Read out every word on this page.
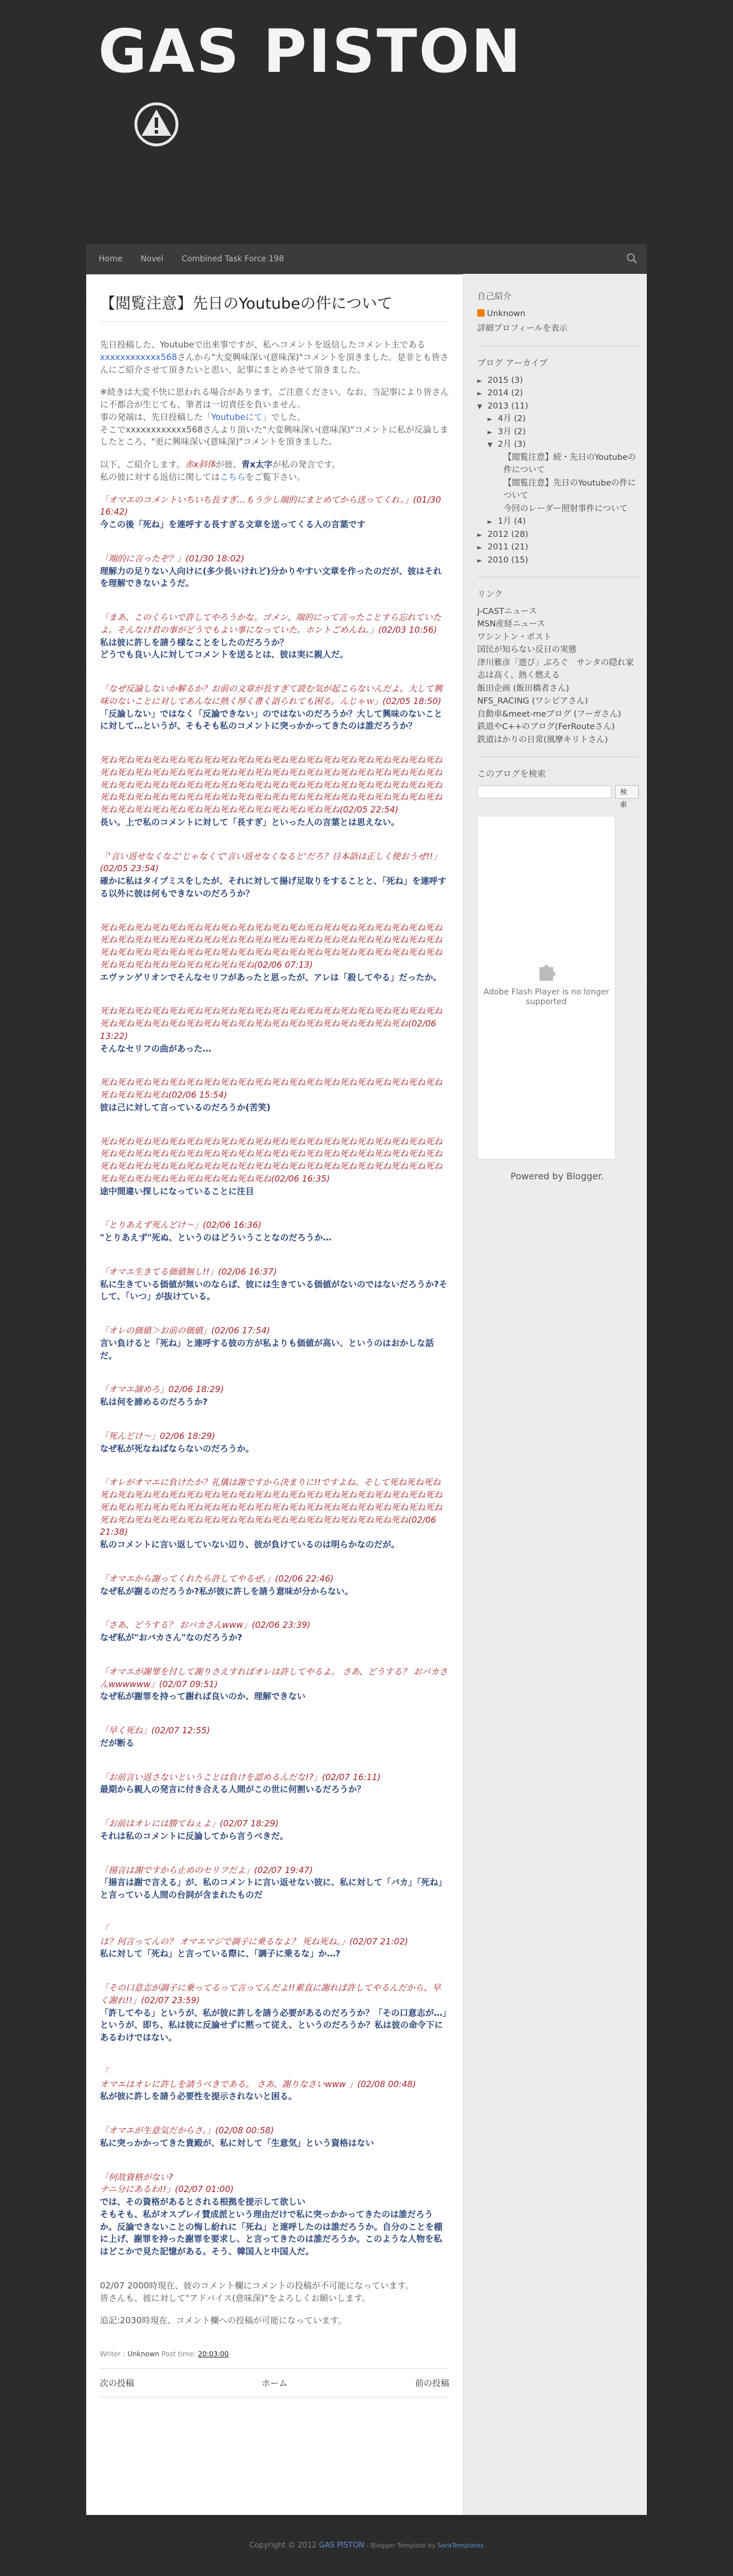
GAS PISTON
Home Novel Combined Task Force 198
【閲覧注意】先日のYoutubeの件について

先日投稿した、Youtubeで出来事ですが、私へコメントを返信したコメント主であるxxxxxxxxxxxx568さんから"大変興味深い(意味深)"コメントを頂きました。是非とも皆さんにご紹介させて頂きたいと思い、記事にまとめさせて頂きました。

※続きは大変不快に思われる場合があります。ご注意ください。なお、当記事により皆さんに不都合が生じても、筆者は一切責任を負いません。
事の発端は、先日投稿した「Youtubeにて」でした。
そこでxxxxxxxxxxxx568さんより頂いた"大変興味深い(意味深)"コメントに私が反論しましたところ、"更に興味深い(意味深)"コメントを頂きました。

以下、ご紹介します。赤ⅹ斜体が彼、青ⅹ太字が私の発言です。
私の彼に対する返信に関してはこちらをご覧下さい。

「オマエのコメントいちいち長すぎ…もう少し端的にまとめてから送ってくれ。」(01/30 16:42)

今この後「死ね」を連呼する長すぎる文章を送ってくる人の言葉です

「端的に言ったぞ？」(01/30 18:02)

理解力の足りない人向けに(多少長いけれど)分かりやすい文章を作ったのだが、彼はそれを理解できないようだ。

「まあ、このくらいで許してやろうかな。ゴメン、端的にって言ったことすら忘れていたよ。そんなけ君の事がどうでもよい事になっていた。ホントごめんね。」(02/03 10:56)

私は彼に許しを請う様なことをしたのだろうか？
どうでも良い人に対してコメントを送るとは、彼は実に親人だ。

「なぜ反論しないか解るか？お前の文章が長すぎて読む気が起こらないんだよ。大して興味のないことに対してあんなに熱く厚く書く語られても困る。んじゃｗ」(02/05 18:50)

「反論しない」ではなく「反論できない」のではないのだろうか？大して興味のないことに対して…というが、そもそも私のコメントに突っかかってきたのは誰だろうか？

死ね死ね死ね死ね死ね死ね死ね死ね死ね死ね死ね死ね死ね死ね死ね死ね死ね死ね死ね死ね死ね死ね死ね死ね死ね死ね死ね死ね死ね死ね死ね死ね死ね死ね死ね死ね死ね死ね死ね死ね死ね死ね死ね死ね死ね死ね死ね死ね死ね死ね死ね死ね死ね死ね死ね死ね死ね死ね死ね死ね死ね死ね死ね死ね死ね死ね死ね死ね死ね死ね死ね死ね死ね死ね死ね死ね死ね死ね死ね死ね死ね死ね死ね死ね死ね死ね死ね死ね死ね死ね死ね死ね死ね死ね(02/05 22:54)

長い。上で私のコメントに対して「長すぎ」といった人の言葉とは思えない。

「'言い返せなくなこ'じゃなくて'言い返せなくなると'だろ？日本語は正しく使おうぜ!!」(02/05 23:54)

確かに私はタイプミスをしたが、それに対して揚げ足取りをすることと、「死ね」を連呼する以外に彼は何もできないのだろうか？

死ね死ね死ね死ね死ね死ね死ね死ね死ね死ね死ね死ね死ね死ね死ね死ね死ね死ね死ね死ね死ね死ね死ね死ね死ね死ね死ね死ね死ね死ね死ね死ね死ね死ね死ね死ね死ね死ね死ね死ね死ね死ね死ね死ね死ね死ね死ね死ね死ね死ね死ね死ね死ね死ね死ね死ね死ね死ね死ね死ね死ね死ね死ね死ね死ね死ね死ね死ね死ね(02/06 07:13)

エヴァンゲリオンでそんなセリフがあったと思ったが、アレは「殺してやる」だったか。

死ね死ね死ね死ね死ね死ね死ね死ね死ね死ね死ね死ね死ね死ね死ね死ね死ね死ね死ね死ね死ね死ね死ね死ね死ね死ね死ね死ね死ね死ね死ね死ね死ね死ね死ね死ね死ね死ね(02/06 13:22)

そんなセリフの曲があった…

死ね死ね死ね死ね死ね死ね死ね死ね死ね死ね死ね死ね死ね死ね死ね死ね死ね死ね死ね死ね死ね死ね死ね死ね(02/06 15:54)

彼は己に対して言っているのだろうか(苦笑)

死ね死ね死ね死ね死ね死ね死ね死ね死ね死ね死ね死ね死ね死ね死ね死ね死ね死ね死ね死ね死ね死ね死ね死ね死ね死ね死ね死ね死ね死ね死ね死ね死ね死ね死ね死ね死ね死ね死ね死ね死ね死ね死ね死ね死ね死ね死ね死ね死ね死ね死ね死ね死ね死ね死ね死ね死ね死ね死ね死ね死ね死ね死ね死ね死ね死ね死ね死ね死ね死ね(02/06 16:35)

途中間違い探しになっていることに注目

「とりあえず死んどけ〜」(02/06 16:36)

"とりあえず"死ぬ、というのはどういうことなのだろうか…

「オマエ生きてる価値無し!!」(02/06 16:37)

私に生きている価値が無いのならば、彼には生きている価値がないのではないだろうか?そして、「いつ」が抜けている。

「オレの価値＞お前の価値」(02/06 17:54)

言い負けると「死ね」と連呼する彼の方が私よりも価値が高い、というのはおかしな話だ。

「オマエ諦めろ」02/06 18:29)

私は何を諦めるのだろうか?

「死んどけ〜」02/06 18:29)

なぜ私が死なねばならないのだろうか。

「オレがオマエに負けたか？礼儀は謝ですから決まりに!!ですよね。そして死ね死ね死ね死ね死ね死ね死ね死ね死ね死ね死ね死ね死ね死ね死ね死ね死ね死ね死ね死ね死ね死ね死ね死ね死ね死ね死ね死ね死ね死ね死ね死ね死ね死ね死ね死ね死ね死ね死ね死ね死ね死ね死ね死ね死ね死ね死ね死ね死ね死ね死ね死ね死ね死ね死ね死ね死ね死ね死ね死ね死ね(02/06 21:38)

私のコメントに言い返していない辺り、彼が負けているのは明らかなのだが。

「オマエから謝ってくれたら許してやるぜ。」(02/06 22:46)

なぜ私が謝るのだろうか?私が彼に許しを請う意味が分からない。

「さあ、どうする？ おバカさんwww」(02/06 23:39)

なぜ私が"おバカさん"なのだろうか?

「オマエが謝罪を付して謝りさえすればオレは許してやるよ。 さあ、どうする？ おバカさんwwwwww」(02/07 09:51)

なぜ私が謝罪を持って謝れば良いのか、理解できない

「早く死ね」(02/07 12:55)

だが断る

「お前言い返さないということは負けを認めるんだな!?」(02/07 16:11)

最期から親人の発言に付き合える人間がこの世に何割いるだろうか？

「お前はオレには勝てねぇよ」(02/07 18:29)

それは私のコメントに反論してから言うべきだ。

「揚言は謝ですから止めのセリフだよ」(02/07 19:47)

「揚言は謝で言える」が、私のコメントに言い返せない彼に、私に対して「バカ」「死ね」と言っている人間の台詞が含まれたものだ

「
は？何言ってんの？ オマエマジで調子に乗るなよ？ 死ね死ね。」(02/07 21:02)

私に対して「死ね」と言っている際に、「調子に乗るな」か…?

「その口意志が調子に乗ってるって言ってんだよ!!素直に謝れば許してやるんだから、早く謝れ!!」(02/07 23:59)

「許してやる」というが、私が彼に許しを請う必要があるのだろうか？「その口意志が…」というが、即ち、私は彼に反論せずに黙って従え、というのだろうか？私は彼の命令下にあるわけではない。

「
オマエはオレに許しを請うべきである。 さあ、謝りなさいwww 」(02/08 00:48)

私が彼に許しを請う必要性を提示されないと困る。

「オマエが生意気だからさ。」(02/08 00:58)

私に突っかかってきた貴殿が、私に対して「生意気」という資格はない

「何故資格がない?
ナニ分にあるわ!!」(02/07 01:00)

では、その資格があるとされる根拠を提示して欲しい
そもそも、私がオスプレイ賛成派という理由だけで私に突っかかってきたのは誰だろうか。反論できないことの悔し紛れに「死ね」と連呼したのは誰だろうか。自分のことを棚に上げ、謝罪を持った謝罪を要求し、と言ってきたのは誰だろうか。このような人物を私はどこかで見た記憶がある。そう、韓国人と中国人だ。

02/07 2000時現在、彼のコメント欄にコメントの投稿が不可能になっています。

皆さんも、彼に対して"アドバイス(意味深)"をよろしくお願いします。

追記:2030時現在、コメント欄への投稿が可能になっています。

Writer : Unknown Post time: 20:03:00
次の投稿	ホーム	前の投稿
自己紹介
Unknown
詳細プロフィールを表示
ブログ アーカイブ
► 2015 (3)
► 2014 (2)
▼ 2013 (11)
► 4月 (2)
► 3月 (2)
▼ 2月 (3)
【閲覧注意】続・先日のYoutubeの件について
【閲覧注意】先日のYoutubeの件について
今回のレーダー照射事件について
► 1月 (4)
► 2012 (28)
► 2011 (21)
► 2010 (15)
リンク
J-CASTニュース
MSN産経ニュース
ワシントン・ポスト
国民が知らない反日の実態
津川雅彦「遊び」ぶろぐ　サンタの隠れ家
志は高く、熱く燃える
飯田企画 (飯田橋者さん)
NFS_RACING (ワシピアさん)
自動車&meet-meブログ (フーガさん)
鉄道やC++のブログ(FerRouteさん)
鉄道はかりの日常(風摩キリトさん)
このブログを検索
検索
Adobe Flash Player is no longer supported
Powered by Blogger.
Copyright © 2012 GAS PISTON - Blogger Template by SoraTemplates
